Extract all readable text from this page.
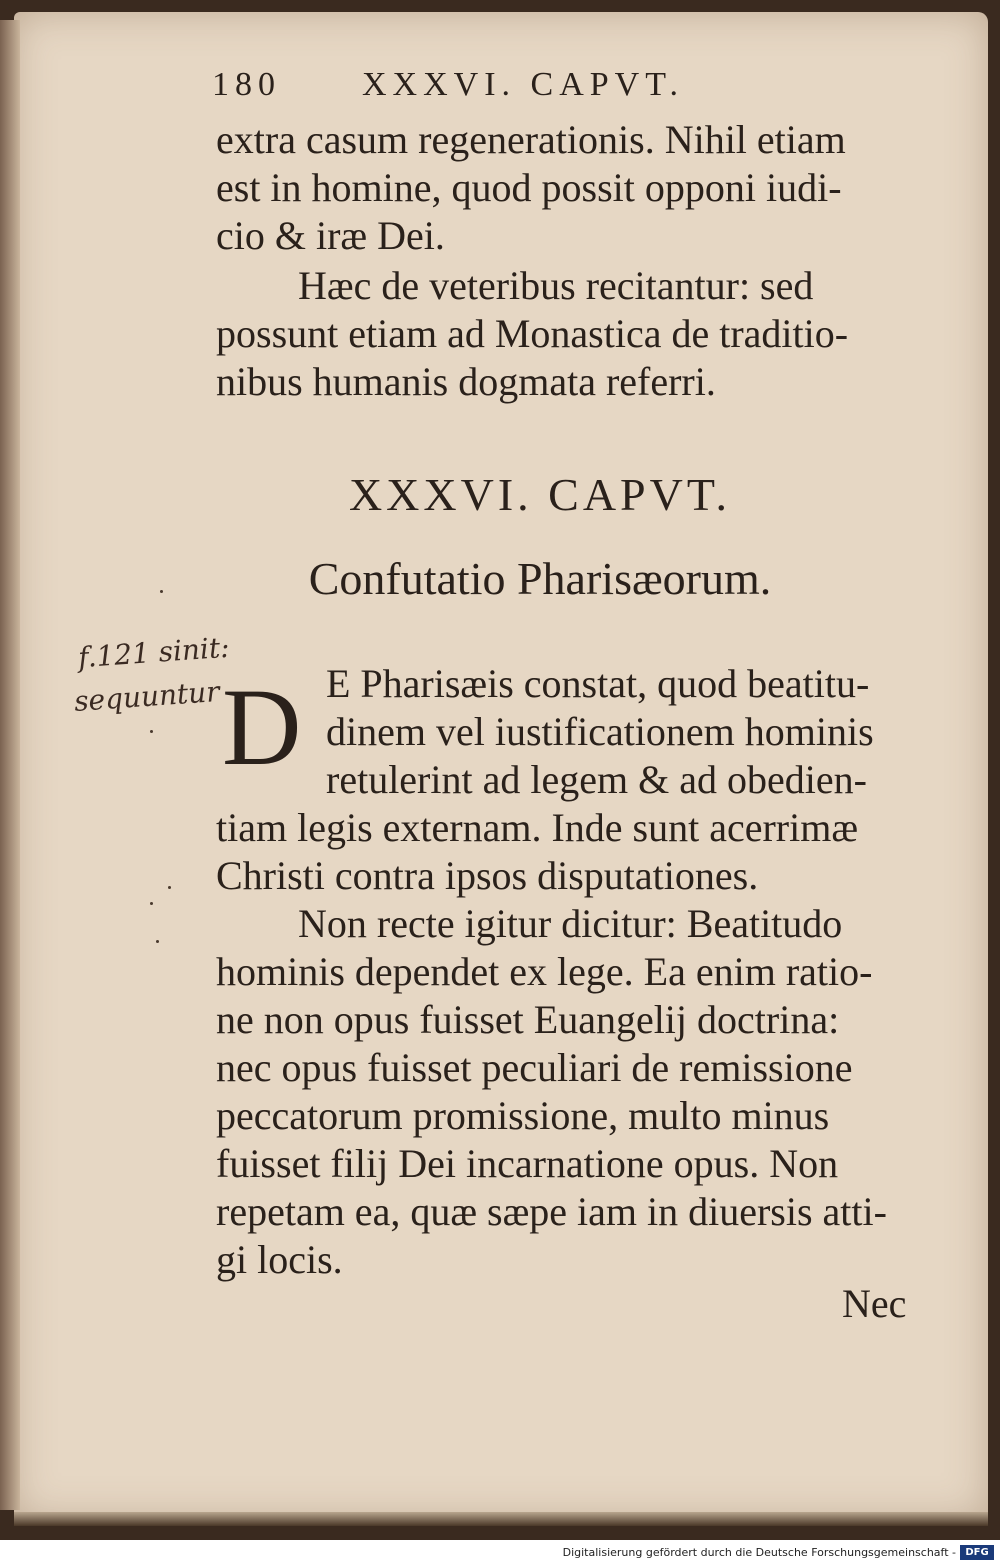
180 XXXVI. CAPVT.
extra casum regenerationis. Nihil etiam
est in homine, quod possit opponi iudi-
cio & iræ Dei.
Hæc de veteribus recitantur: sed
possunt etiam ad Monastica de traditio-
nibus humanis dogmata referri.
XXXVI. CAPVT.
Confutatio Pharisæorum.
f.121 sinit:
sequuntur D E Pharisæis constat, quod beatitu-
dinem vel iustificationem hominis
retulerint ad legem & ad obedien-
tiam legis externam. Inde sunt acerrimæ
Christi contra ipsos disputationes.
Non recte igitur dicitur: Beatitudo
hominis dependet ex lege. Ea enim ratio-
ne non opus fuisset Euangelij doctrina:
nec opus fuisset peculiari de remissione
peccatorum promissione, multo minus
fuisset filij Dei incarnatione opus. Non
repetam ea, quæ sæpe iam in diuersis atti-
gi locis.
Nec
Digitalisierung gefördert durch die Deutsche Forschungsgemeinschaft - DFG
